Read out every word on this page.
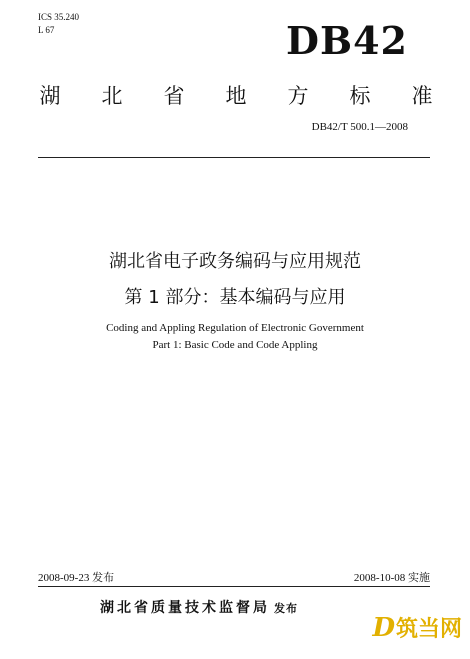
ICS 35.240
L 67	DB42
湖 北 省 地 方 标 准
DB42/T 500.1—2008
湖北省电子政务编码与应用规范
第 1 部分：基本编码与应用
Coding and Appling Regulation of Electronic Government
Part 1: Basic Code and Code Appling
2008-09-23 发布	2008-10-08 实施
湖北省质量技术监督局 发布
D 筑当网
